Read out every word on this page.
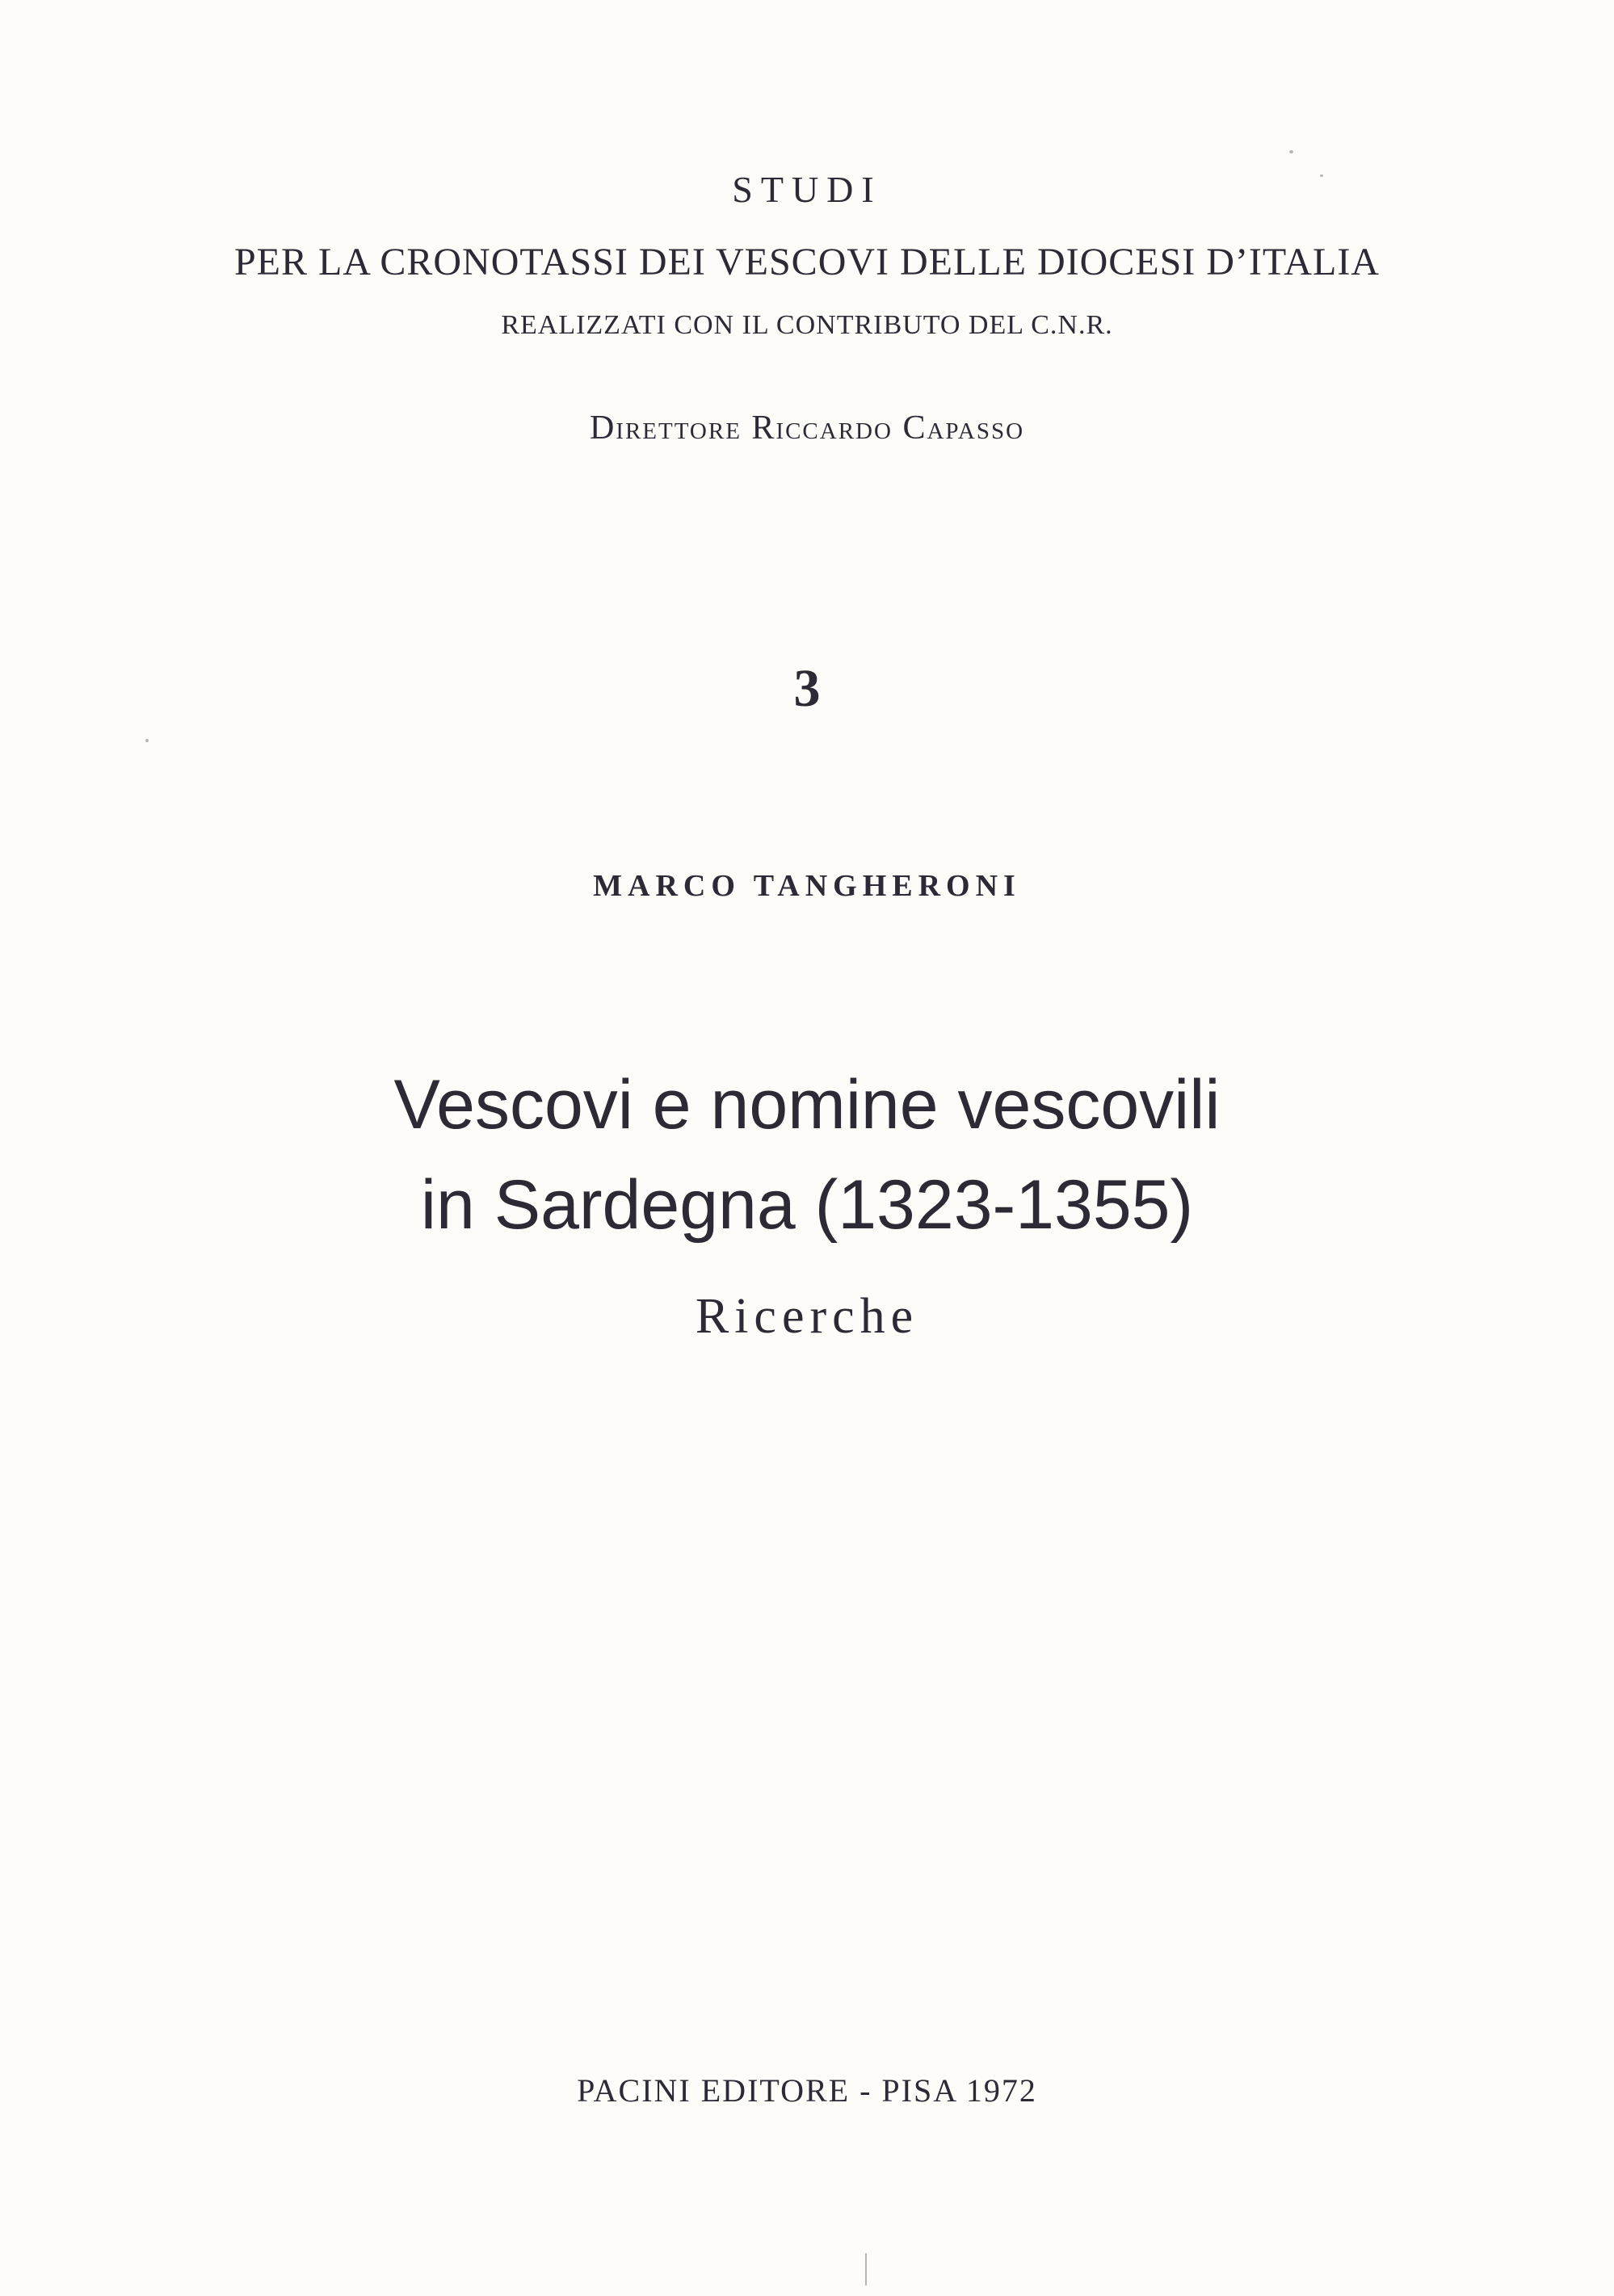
STUDI
PER LA CRONOTASSI DEI VESCOVI DELLE DIOCESI D’ITALIA
REALIZZATI CON IL CONTRIBUTO DEL C.N.R.
Direttore Riccardo Capasso
3
MARCO TANGHERONI
Vescovi e nomine vescovili
in Sardegna (1323-1355)
Ricerche
PACINI EDITORE - PISA 1972
